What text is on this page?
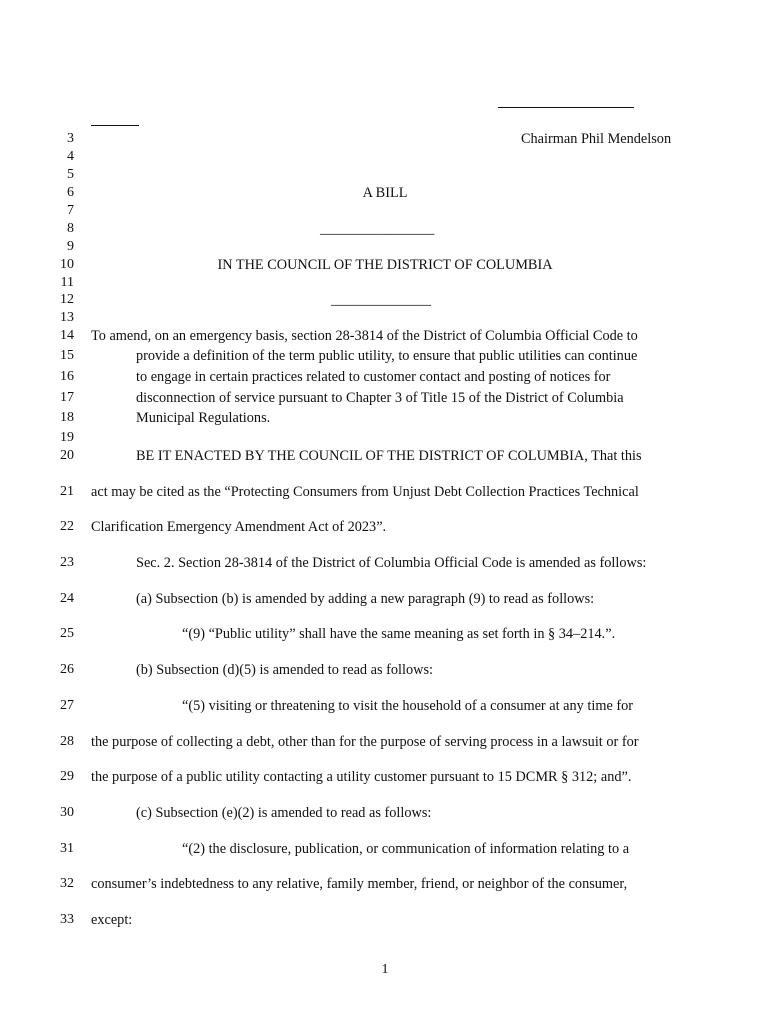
3
4
5
6
7
8
9
10
11
12
13
14
15
16
17
18
19
20
21
22
23
24
25
26
27
28
29
30
31
32
33
Chairman Phil Mendelson
A BILL
________________
IN THE COUNCIL OF THE DISTRICT OF COLUMBIA
______________
To amend, on an emergency basis, section 28-3814 of the District of Columbia Official Code to
provide a definition of the term public utility, to ensure that public utilities can continue
to engage in certain practices related to customer contact and posting of notices for
disconnection of service pursuant to Chapter 3 of Title 15 of the District of Columbia
Municipal Regulations.
BE IT ENACTED BY THE COUNCIL OF THE DISTRICT OF COLUMBIA, That this
act may be cited as the “Protecting Consumers from Unjust Debt Collection Practices Technical
Clarification Emergency Amendment Act of 2023”.
Sec. 2. Section 28-3814 of the District of Columbia Official Code is amended as follows:
(a) Subsection (b) is amended by adding a new paragraph (9) to read as follows:
“(9) “Public utility” shall have the same meaning as set forth in § 34–214.”.
(b) Subsection (d)(5) is amended to read as follows:
“(5) visiting or threatening to visit the household of a consumer at any time for
the purpose of collecting a debt, other than for the purpose of serving process in a lawsuit or for
the purpose of a public utility contacting a utility customer pursuant to 15 DCMR § 312; and”.
(c) Subsection (e)(2) is amended to read as follows:
“(2) the disclosure, publication, or communication of information relating to a
consumer’s indebtedness to any relative, family member, friend, or neighbor of the consumer,
except:
1
